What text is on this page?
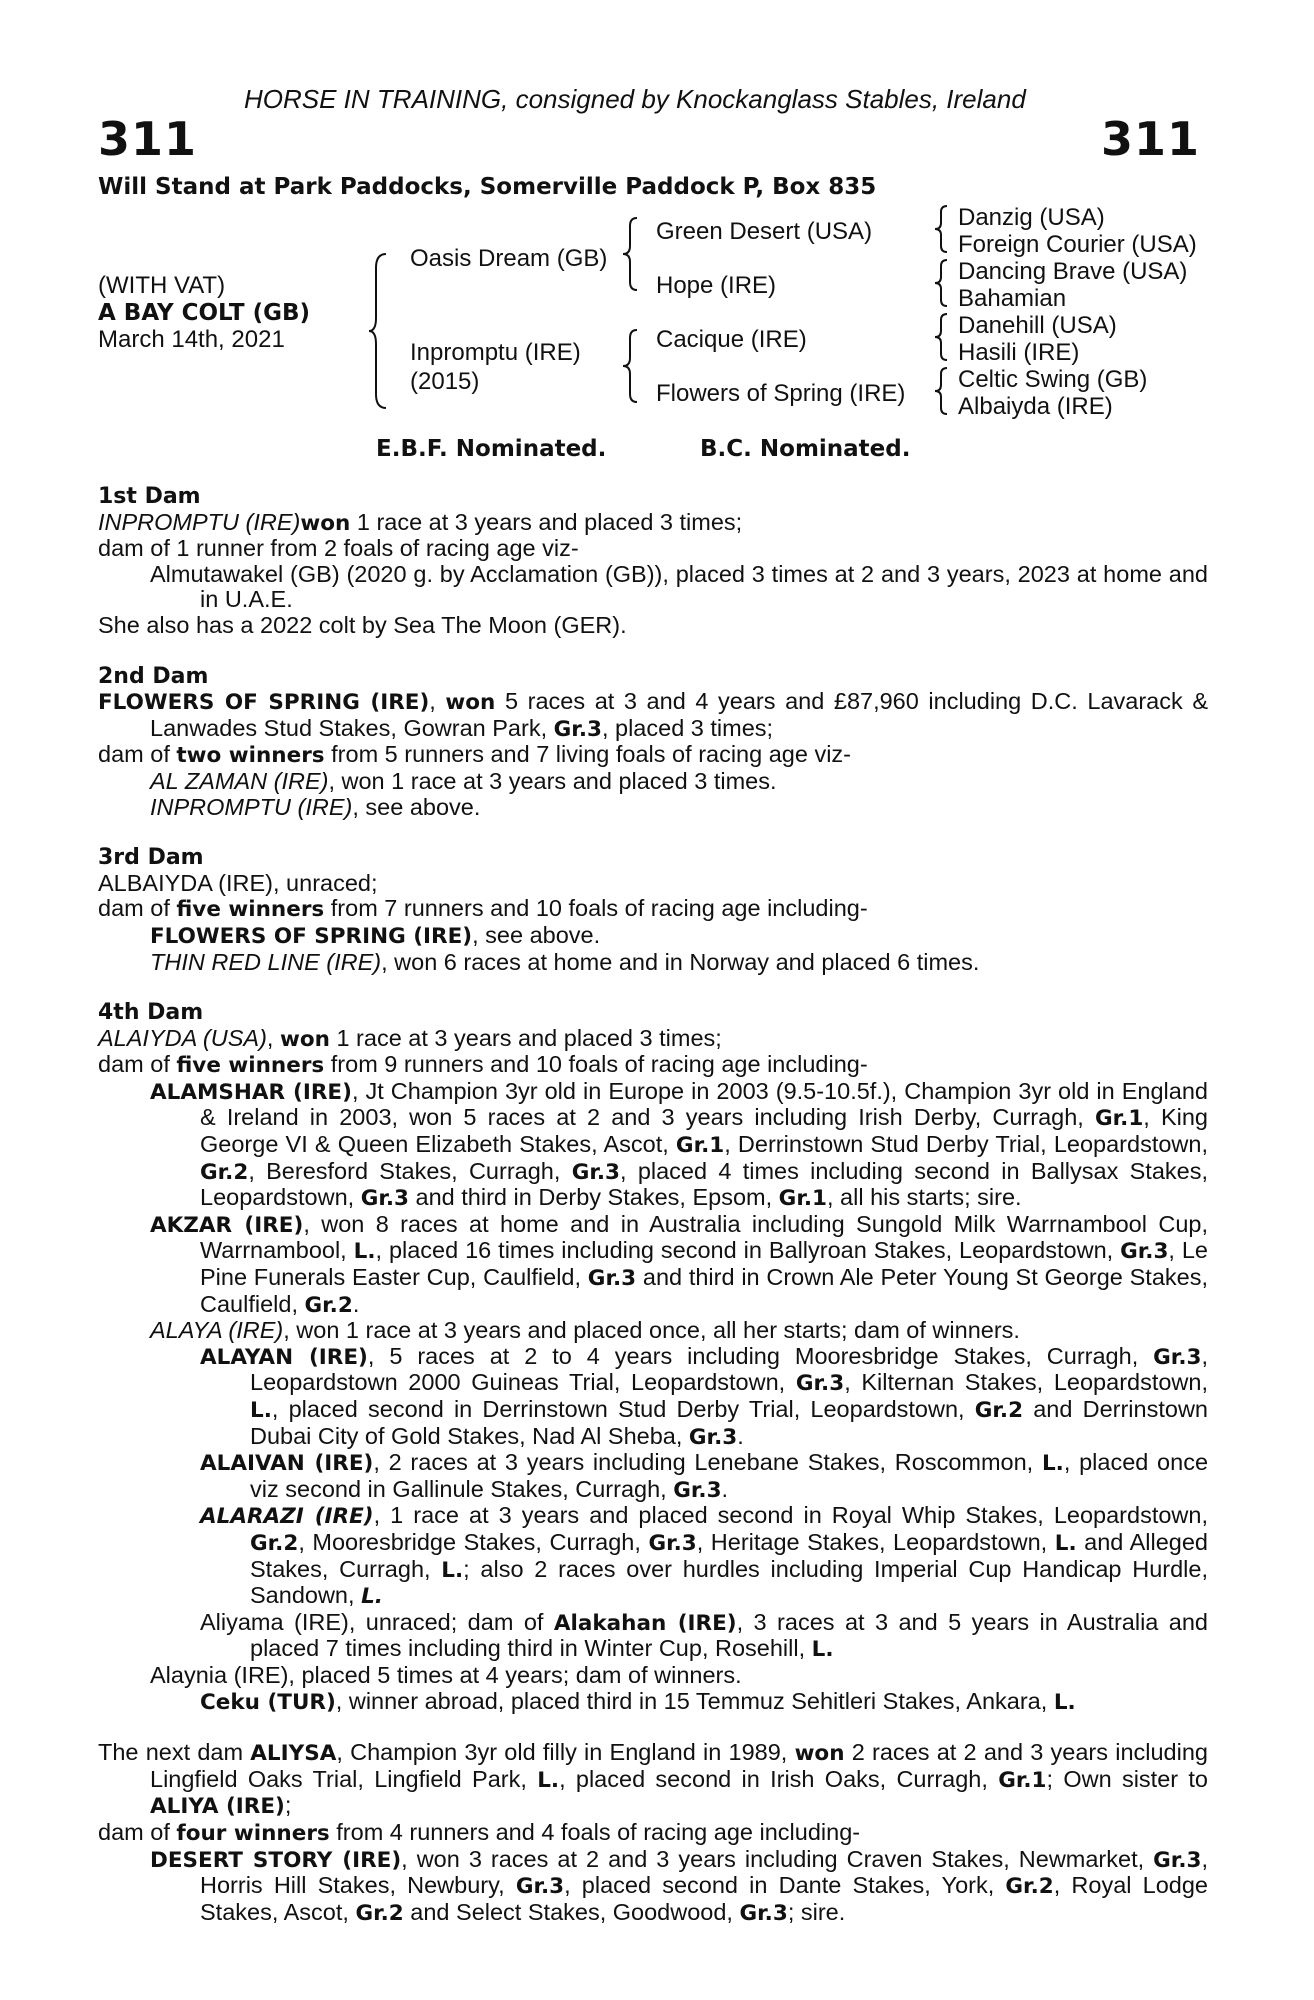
HORSE IN TRAINING, consigned by Knockanglass Stables, Ireland
311	311
Will Stand at Park Paddocks, Somerville Paddock P, Box 835
(WITH VAT)
A BAY COLT (GB)
March 14th, 2021
Oasis Dream (GB)
Inpromptu (IRE)
(2015)
Green Desert (USA)
Hope (IRE)
Cacique (IRE)
Flowers of Spring (IRE)
Danzig (USA)
Foreign Courier (USA)
Dancing Brave (USA)
Bahamian
Danehill (USA)
Hasili (IRE)
Celtic Swing (GB)
Albaiyda (IRE)
E.B.F. Nominated.	B.C. Nominated.

1st Dam

INPROMPTU (IRE)won 1 race at 3 years and placed 3 times;

dam of 1 runner from 2 foals of racing age viz-

Almutawakel (GB) (2020 g. by Acclamation (GB)), placed 3 times at 2 and 3 years, 2023 at home and in U.A.E.

She also has a 2022 colt by Sea The Moon (GER).

2nd Dam

FLOWERS OF SPRING (IRE), won 5 races at 3 and 4 years and £87,960 including D.C. Lavarack & Lanwades Stud Stakes, Gowran Park, Gr.3, placed 3 times;

dam of two winners from 5 runners and 7 living foals of racing age viz-

AL ZAMAN (IRE), won 1 race at 3 years and placed 3 times.

INPROMPTU (IRE), see above.

3rd Dam

ALBAIYDA (IRE), unraced;

dam of five winners from 7 runners and 10 foals of racing age including-

FLOWERS OF SPRING (IRE), see above.

THIN RED LINE (IRE), won 6 races at home and in Norway and placed 6 times.

4th Dam

ALAIYDA (USA), won 1 race at 3 years and placed 3 times;

dam of five winners from 9 runners and 10 foals of racing age including-

ALAMSHAR (IRE), Jt Champion 3yr old in Europe in 2003 (9.5-10.5f.), Champion 3yr old in England & Ireland in 2003, won 5 races at 2 and 3 years including Irish Derby, Curragh, Gr.1, King George VI & Queen Elizabeth Stakes, Ascot, Gr.1, Derrinstown Stud Derby Trial, Leopardstown, Gr.2, Beresford Stakes, Curragh, Gr.3, placed 4 times including second in Ballysax Stakes, Leopardstown, Gr.3 and third in Derby Stakes, Epsom, Gr.1, all his starts; sire.

AKZAR (IRE), won 8 races at home and in Australia including Sungold Milk Warrnambool Cup, Warrnambool, L., placed 16 times including second in Ballyroan Stakes, Leopardstown, Gr.3, Le Pine Funerals Easter Cup, Caulfield, Gr.3 and third in Crown Ale Peter Young St George Stakes, Caulfield, Gr.2.

ALAYA (IRE), won 1 race at 3 years and placed once, all her starts; dam of winners.

ALAYAN (IRE), 5 races at 2 to 4 years including Mooresbridge Stakes, Curragh, Gr.3, Leopardstown 2000 Guineas Trial, Leopardstown, Gr.3, Kilternan Stakes, Leopardstown, L., placed second in Derrinstown Stud Derby Trial, Leopardstown, Gr.2 and Derrinstown Dubai City of Gold Stakes, Nad Al Sheba, Gr.3.

ALAIVAN (IRE), 2 races at 3 years including Lenebane Stakes, Roscommon, L., placed once viz second in Gallinule Stakes, Curragh, Gr.3.

ALARAZI (IRE), 1 race at 3 years and placed second in Royal Whip Stakes, Leopardstown, Gr.2, Mooresbridge Stakes, Curragh, Gr.3, Heritage Stakes, Leopardstown, L. and Alleged Stakes, Curragh, L.; also 2 races over hurdles including Imperial Cup Handicap Hurdle, Sandown, L.

Aliyama (IRE), unraced; dam of Alakahan (IRE), 3 races at 3 and 5 years in Australia and placed 7 times including third in Winter Cup, Rosehill, L.

Alaynia (IRE), placed 5 times at 4 years; dam of winners.

Ceku (TUR), winner abroad, placed third in 15 Temmuz Sehitleri Stakes, Ankara, L.

The next dam ALIYSA, Champion 3yr old filly in England in 1989, won 2 races at 2 and 3 years including Lingfield Oaks Trial, Lingfield Park, L., placed second in Irish Oaks, Curragh, Gr.1; Own sister to ALIYA (IRE);

dam of four winners from 4 runners and 4 foals of racing age including-

DESERT STORY (IRE), won 3 races at 2 and 3 years including Craven Stakes, Newmarket, Gr.3, Horris Hill Stakes, Newbury, Gr.3, placed second in Dante Stakes, York, Gr.2, Royal Lodge Stakes, Ascot, Gr.2 and Select Stakes, Goodwood, Gr.3; sire.
